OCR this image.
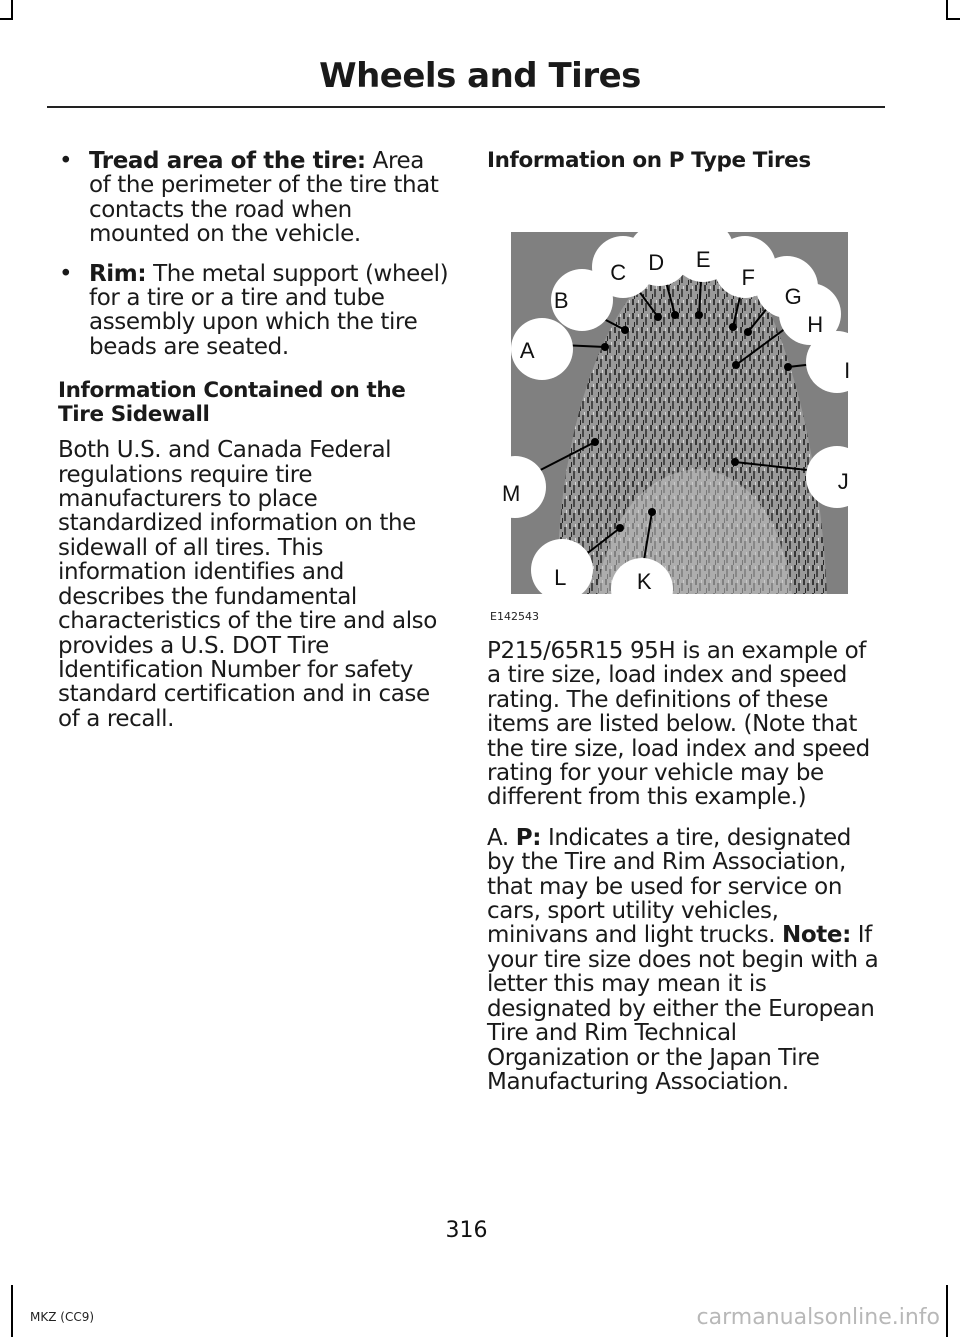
Wheels and Tires
• Tread area of the tire: Area of the perimeter of the tire that contacts the road when mounted on the vehicle.
• Rim: The metal support (wheel) for a tire or a tire and tube assembly upon which the tire beads are seated.
Information Contained on the Tire Sidewall
Both U.S. and Canada Federal regulations require tire manufacturers to place standardized information on the sidewall of all tires. This information identifies and describes the fundamental characteristics of the tire and also provides a U.S. DOT Tire Identification Number for safety standard certification and in case of a recall.
Information on P Type Tires
A
B
C D E
F
G
H
I
J
K
L
M
E142543
P215/65R15 95H is an example of a tire size, load index and speed rating. The definitions of these items are listed below. (Note that the tire size, load index and speed rating for your vehicle may be different from this example.)
A. P: Indicates a tire, designated by the Tire and Rim Association, that may be used for service on cars, sport utility vehicles, minivans and light trucks. Note: If your tire size does not begin with a letter this may mean it is designated by either the European Tire and Rim Technical Organization or the Japan Tire Manufacturing Association.
316
MKZ (CC9)	carmanualsonline.info
